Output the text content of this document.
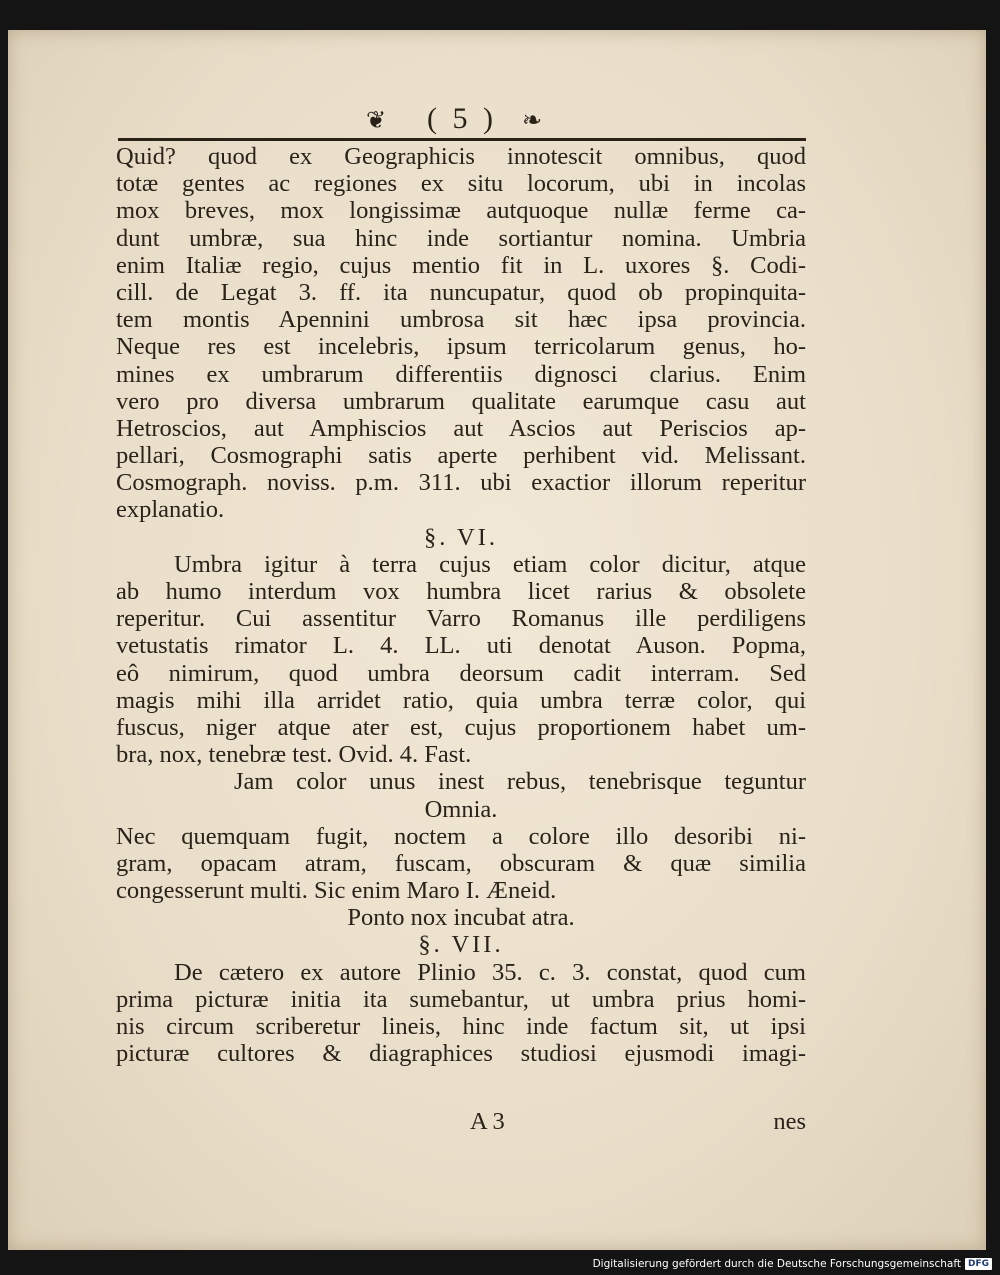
❦	( 5 )	❧
Quid? quod ex Geographicis innotescit omnibus, quod
totæ gentes ac regiones ex situ locorum, ubi in incolas
mox breves, mox longissimæ autquoque nullæ ferme ca-
dunt umbræ, sua hinc inde sortiantur nomina. Umbria
enim Italiæ regio, cujus mentio fit in L. uxores §. Codi-
cill. de Legat 3. ff. ita nuncupatur, quod ob propinquita-
tem montis Apennini umbrosa sit hæc ipsa provincia.
Neque res est incelebris, ipsum terricolarum genus, ho-
mines ex umbrarum differentiis dignosci clarius. Enim
vero pro diversa umbrarum qualitate earumque casu aut
Hetroscios, aut Amphiscios aut Ascios aut Periscios ap-
pellari, Cosmographi satis aperte perhibent vid. Melissant.
Cosmograph. noviss. p.m. 311. ubi exactior illorum reperitur
explanatio.
§. VI.
Umbra igitur à terra cujus etiam color dicitur, atque
ab humo interdum vox humbra licet rarius & obsolete
reperitur. Cui assentitur Varro Romanus ille perdiligens
vetustatis rimator L. 4. LL. uti denotat Auson. Popma,
eô nimirum, quod umbra deorsum cadit interram. Sed
magis mihi illa arridet ratio, quia umbra terræ color, qui
fuscus, niger atque ater est, cujus proportionem habet um-
bra, nox, tenebræ test. Ovid. 4. Fast.
Jam color unus inest rebus, tenebrisque teguntur
Omnia.
Nec quemquam fugit, noctem a colore illo desoribi ni-
gram, opacam atram, fuscam, obscuram & quæ similia
congesserunt multi. Sic enim Maro I. Æneid.
Ponto nox incubat atra.
§. VII.
De cætero ex autore Plinio 35. c. 3. constat, quod cum
prima picturæ initia ita sumebantur, ut umbra prius homi-
nis circum scriberetur lineis, hinc inde factum sit, ut ipsi
picturæ cultores & diagraphices studiosi ejusmodi imagi-
A 3	nes
Digitalisierung gefördert durch die Deutsche Forschungsgemeinschaft DFG
